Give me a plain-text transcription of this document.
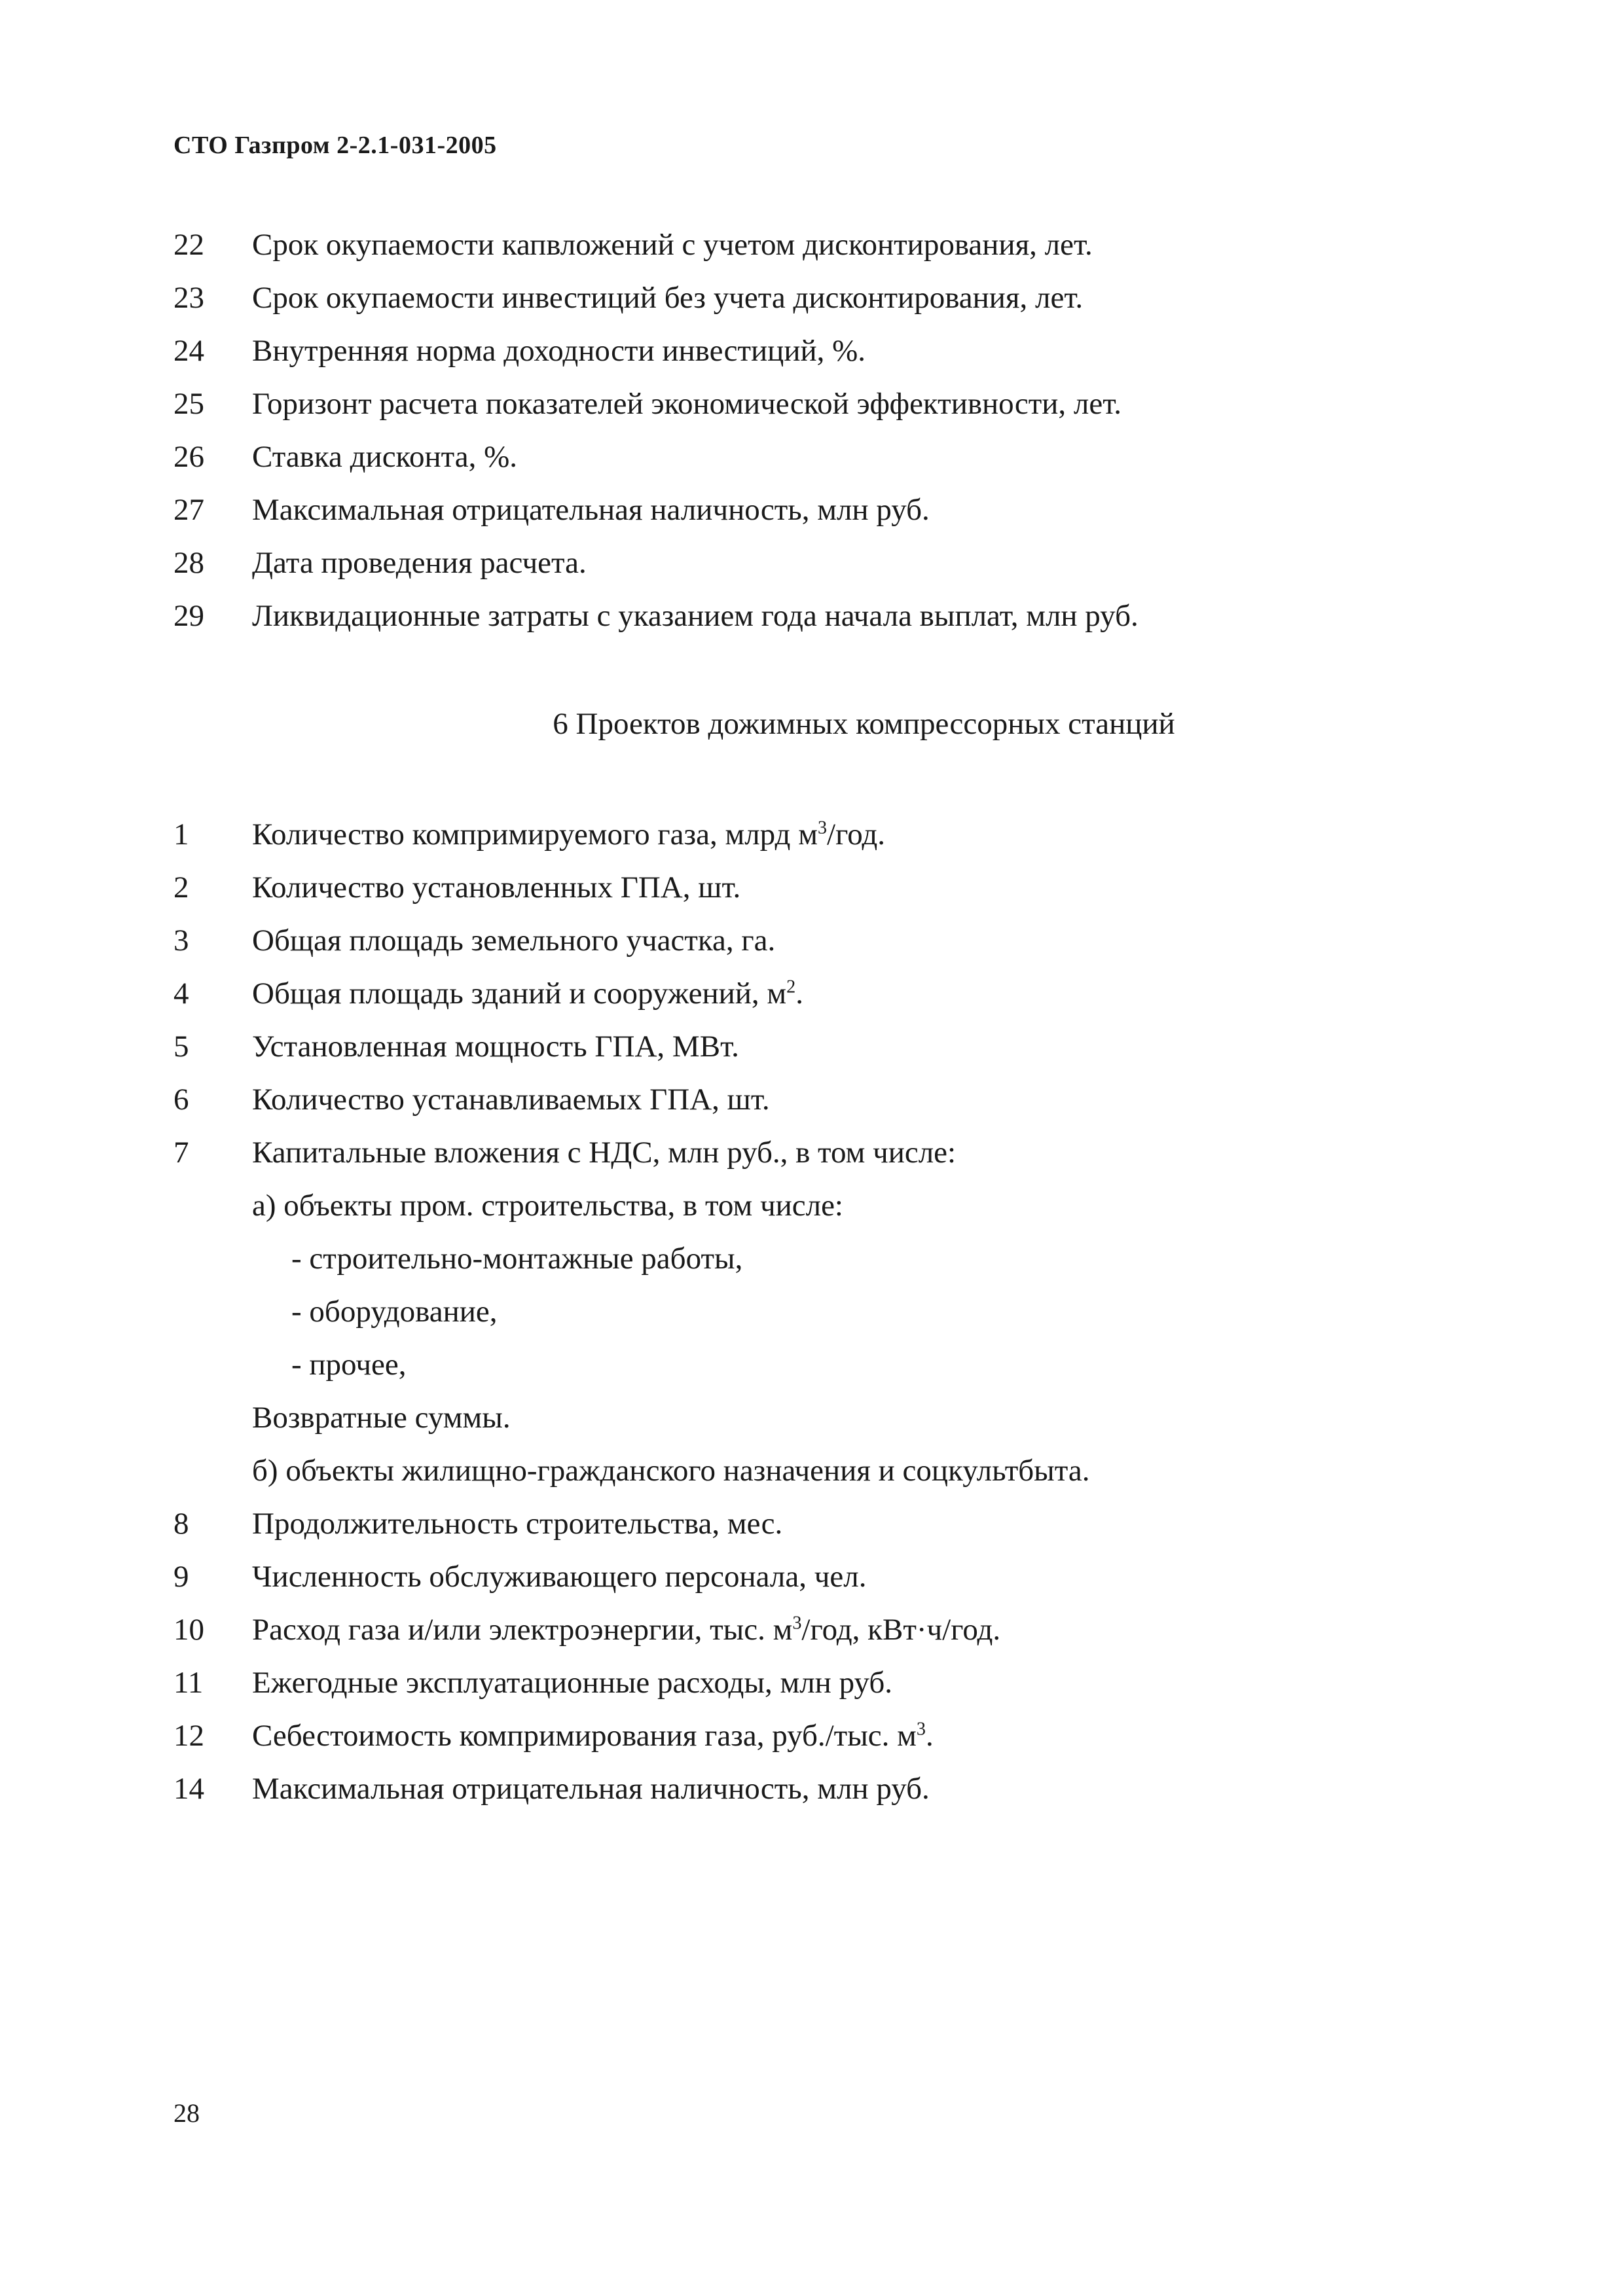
СТО Газпром 2-2.1-031-2005
22 Срок окупаемости капвложений с учетом дисконтирования, лет.
23 Срок окупаемости инвестиций без учета дисконтирования, лет.
24 Внутренняя норма доходности инвестиций, %.
25 Горизонт расчета показателей экономической эффективности, лет.
26 Ставка дисконта, %.
27 Максимальная отрицательная наличность, млн руб.
28 Дата проведения расчета.
29 Ликвидационные затраты с указанием года начала выплат, млн руб.
6 Проектов дожимных компрессорных станций
1 Количество компримируемого газа, млрд $м^3$/год.
2 Количество установленных ГПА, шт.
3 Общая площадь земельного участка, га.
4 Общая площадь зданий и сооружений, $м^2$.
5 Установленная мощность ГПА, МВт.
6 Количество устанавливаемых ГПА, шт.
7 Капитальные вложения с НДС, млн руб., в том числе:
а) объекты пром. строительства, в том числе:
- строительно-монтажные работы,
- оборудование,
- прочее,
Возвратные суммы.
б) объекты жилищно-гражданского назначения и соцкультбыта.
8 Продолжительность строительства, мес.
9 Численность обслуживающего персонала, чел.
10 Расход газа и/или электроэнергии, тыс. $м^3$/год, кВт·ч/год.
11 Ежегодные эксплуатационные расходы, млн руб.
12 Себестоимость компримирования газа, руб./тыс. $м^3$.
14 Максимальная отрицательная наличность, млн руб.
28
